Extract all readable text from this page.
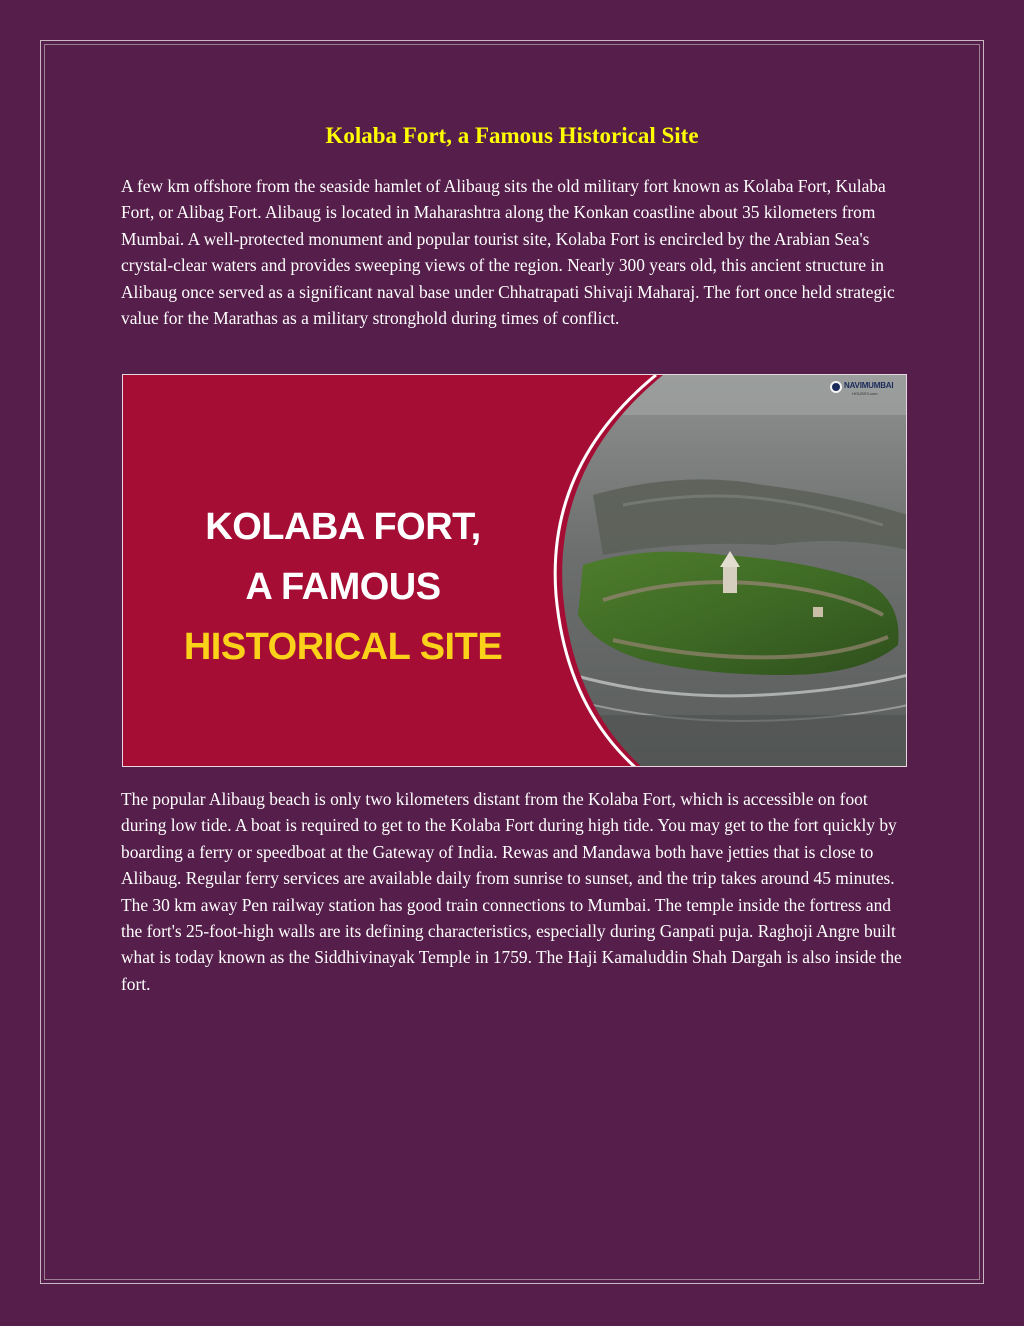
Kolaba Fort, a Famous Historical Site

A few km offshore from the seaside hamlet of Alibaug sits the old military fort known as Kolaba Fort, Kulaba Fort, or Alibag Fort. Alibaug is located in Maharashtra along the Konkan coastline about 35 kilometers from Mumbai. A well-protected monument and popular tourist site, Kolaba Fort is encircled by the Arabian Sea's crystal-clear waters and provides sweeping views of the region. Nearly 300 years old, this ancient structure in Alibaug once served as a significant naval base under Chhatrapati Shivaji Maharaj. The fort once held strategic value for the Marathas as a military stronghold during times of conflict.

KOLABA FORT,
A FAMOUS
HISTORICAL SITE
NAVIMUMBAI
HOUSES.com

The popular Alibaug beach is only two kilometers distant from the Kolaba Fort, which is accessible on foot during low tide. A boat is required to get to the Kolaba Fort during high tide. You may get to the fort quickly by boarding a ferry or speedboat at the Gateway of India. Rewas and Mandawa both have jetties that is close to Alibaug. Regular ferry services are available daily from sunrise to sunset, and the trip takes around 45 minutes. The 30 km away Pen railway station has good train connections to Mumbai. The temple inside the fortress and the fort's 25-foot-high walls are its defining characteristics, especially during Ganpati puja. Raghoji Angre built what is today known as the Siddhivinayak Temple in 1759. The Haji Kamaluddin Shah Dargah is also inside the fort.
